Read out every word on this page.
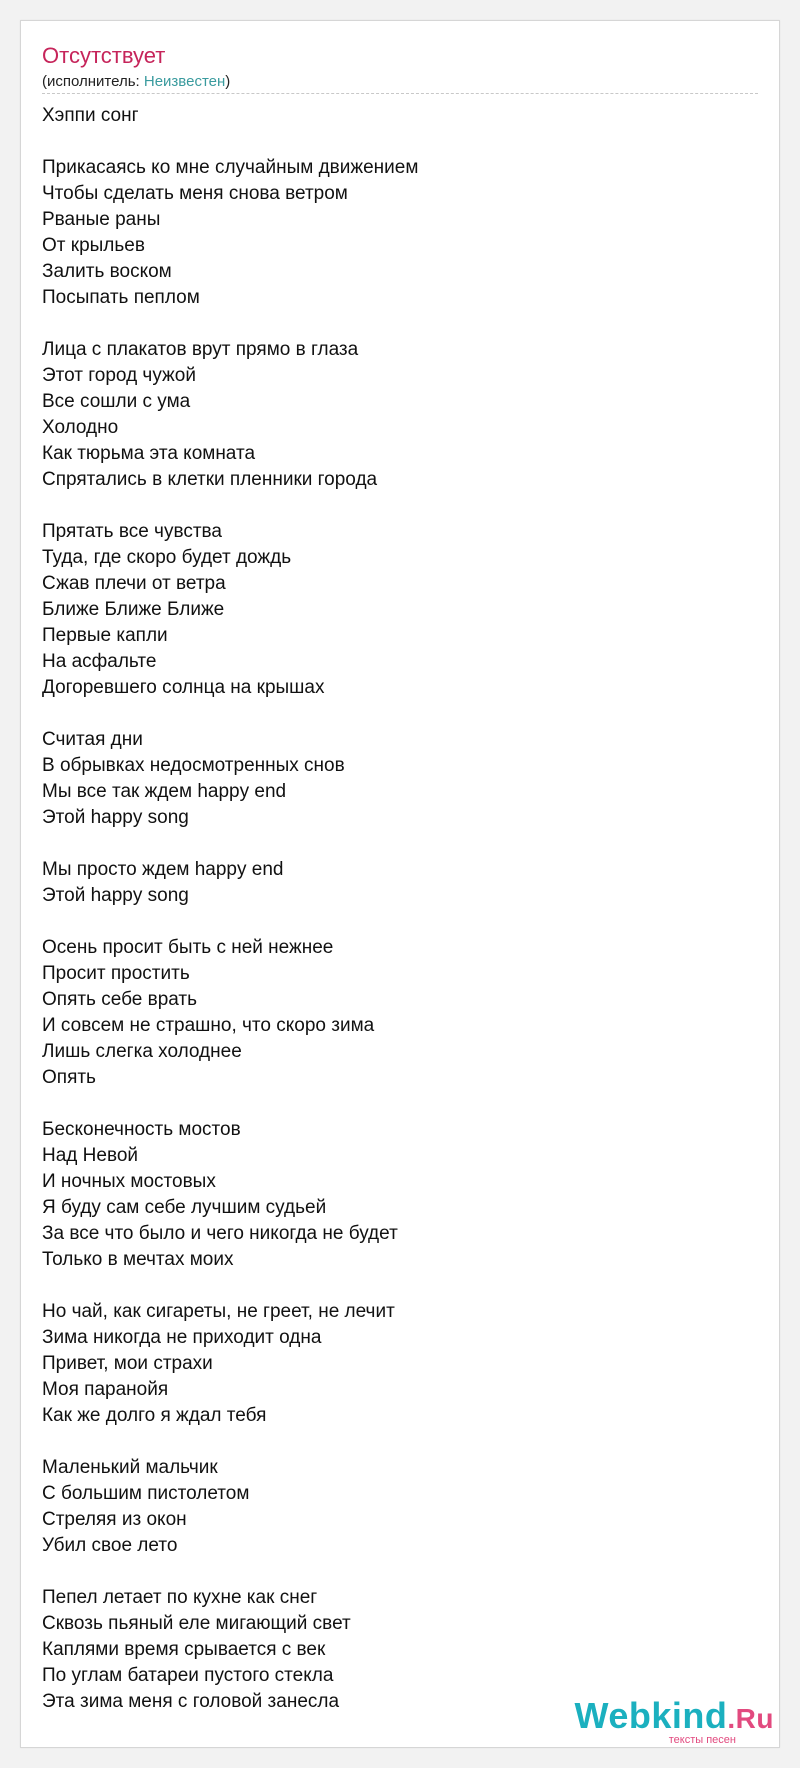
Отсутствует
(исполнитель: Неизвестен)
Хэппи сонг
Прикасаясь ко мне случайным движением
Чтобы сделать меня снова ветром
Рваные раны
От крыльев
Залить воском
Посыпать пеплом
Лица с плакатов врут прямо в глаза
Этот город чужой
Все сошли с ума
Холодно
Как тюрьма эта комната
Спрятались в клетки пленники города
Прятать все чувства
Туда, где скоро будет дождь
Сжав плечи от ветра
Ближе Ближе Ближе
Первые капли
На асфальте
Догоревшего солнца на крышах
Считая дни
В обрывках недосмотренных снов
Мы все так ждем happy end
Этой happy song
Мы просто ждем happy end
Этой happy song
Осень просит быть с ней нежнее
Просит простить
Опять себе врать
И совсем не страшно, что скоро зима
Лишь слегка холоднее
Опять
Бесконечность мостов
Над Невой
И ночных мостовых
Я буду сам себе лучшим судьей
За все что было и чего никогда не будет
Только в мечтах моих
Но чай, как сигареты, не греет, не лечит
Зима никогда не приходит одна
Привет, мои страхи
Моя паранойя
Как же долго я ждал тебя
Маленький мальчик
С большим пистолетом
Стреляя из окон
Убил свое лето
Пепел летает по кухне как снег
Сквозь пьяный еле мигающий свет
Каплями время срывается с век
По углам батареи пустого стекла
Эта зима меня с головой занесла	Webkind.Ru
тексты песен
